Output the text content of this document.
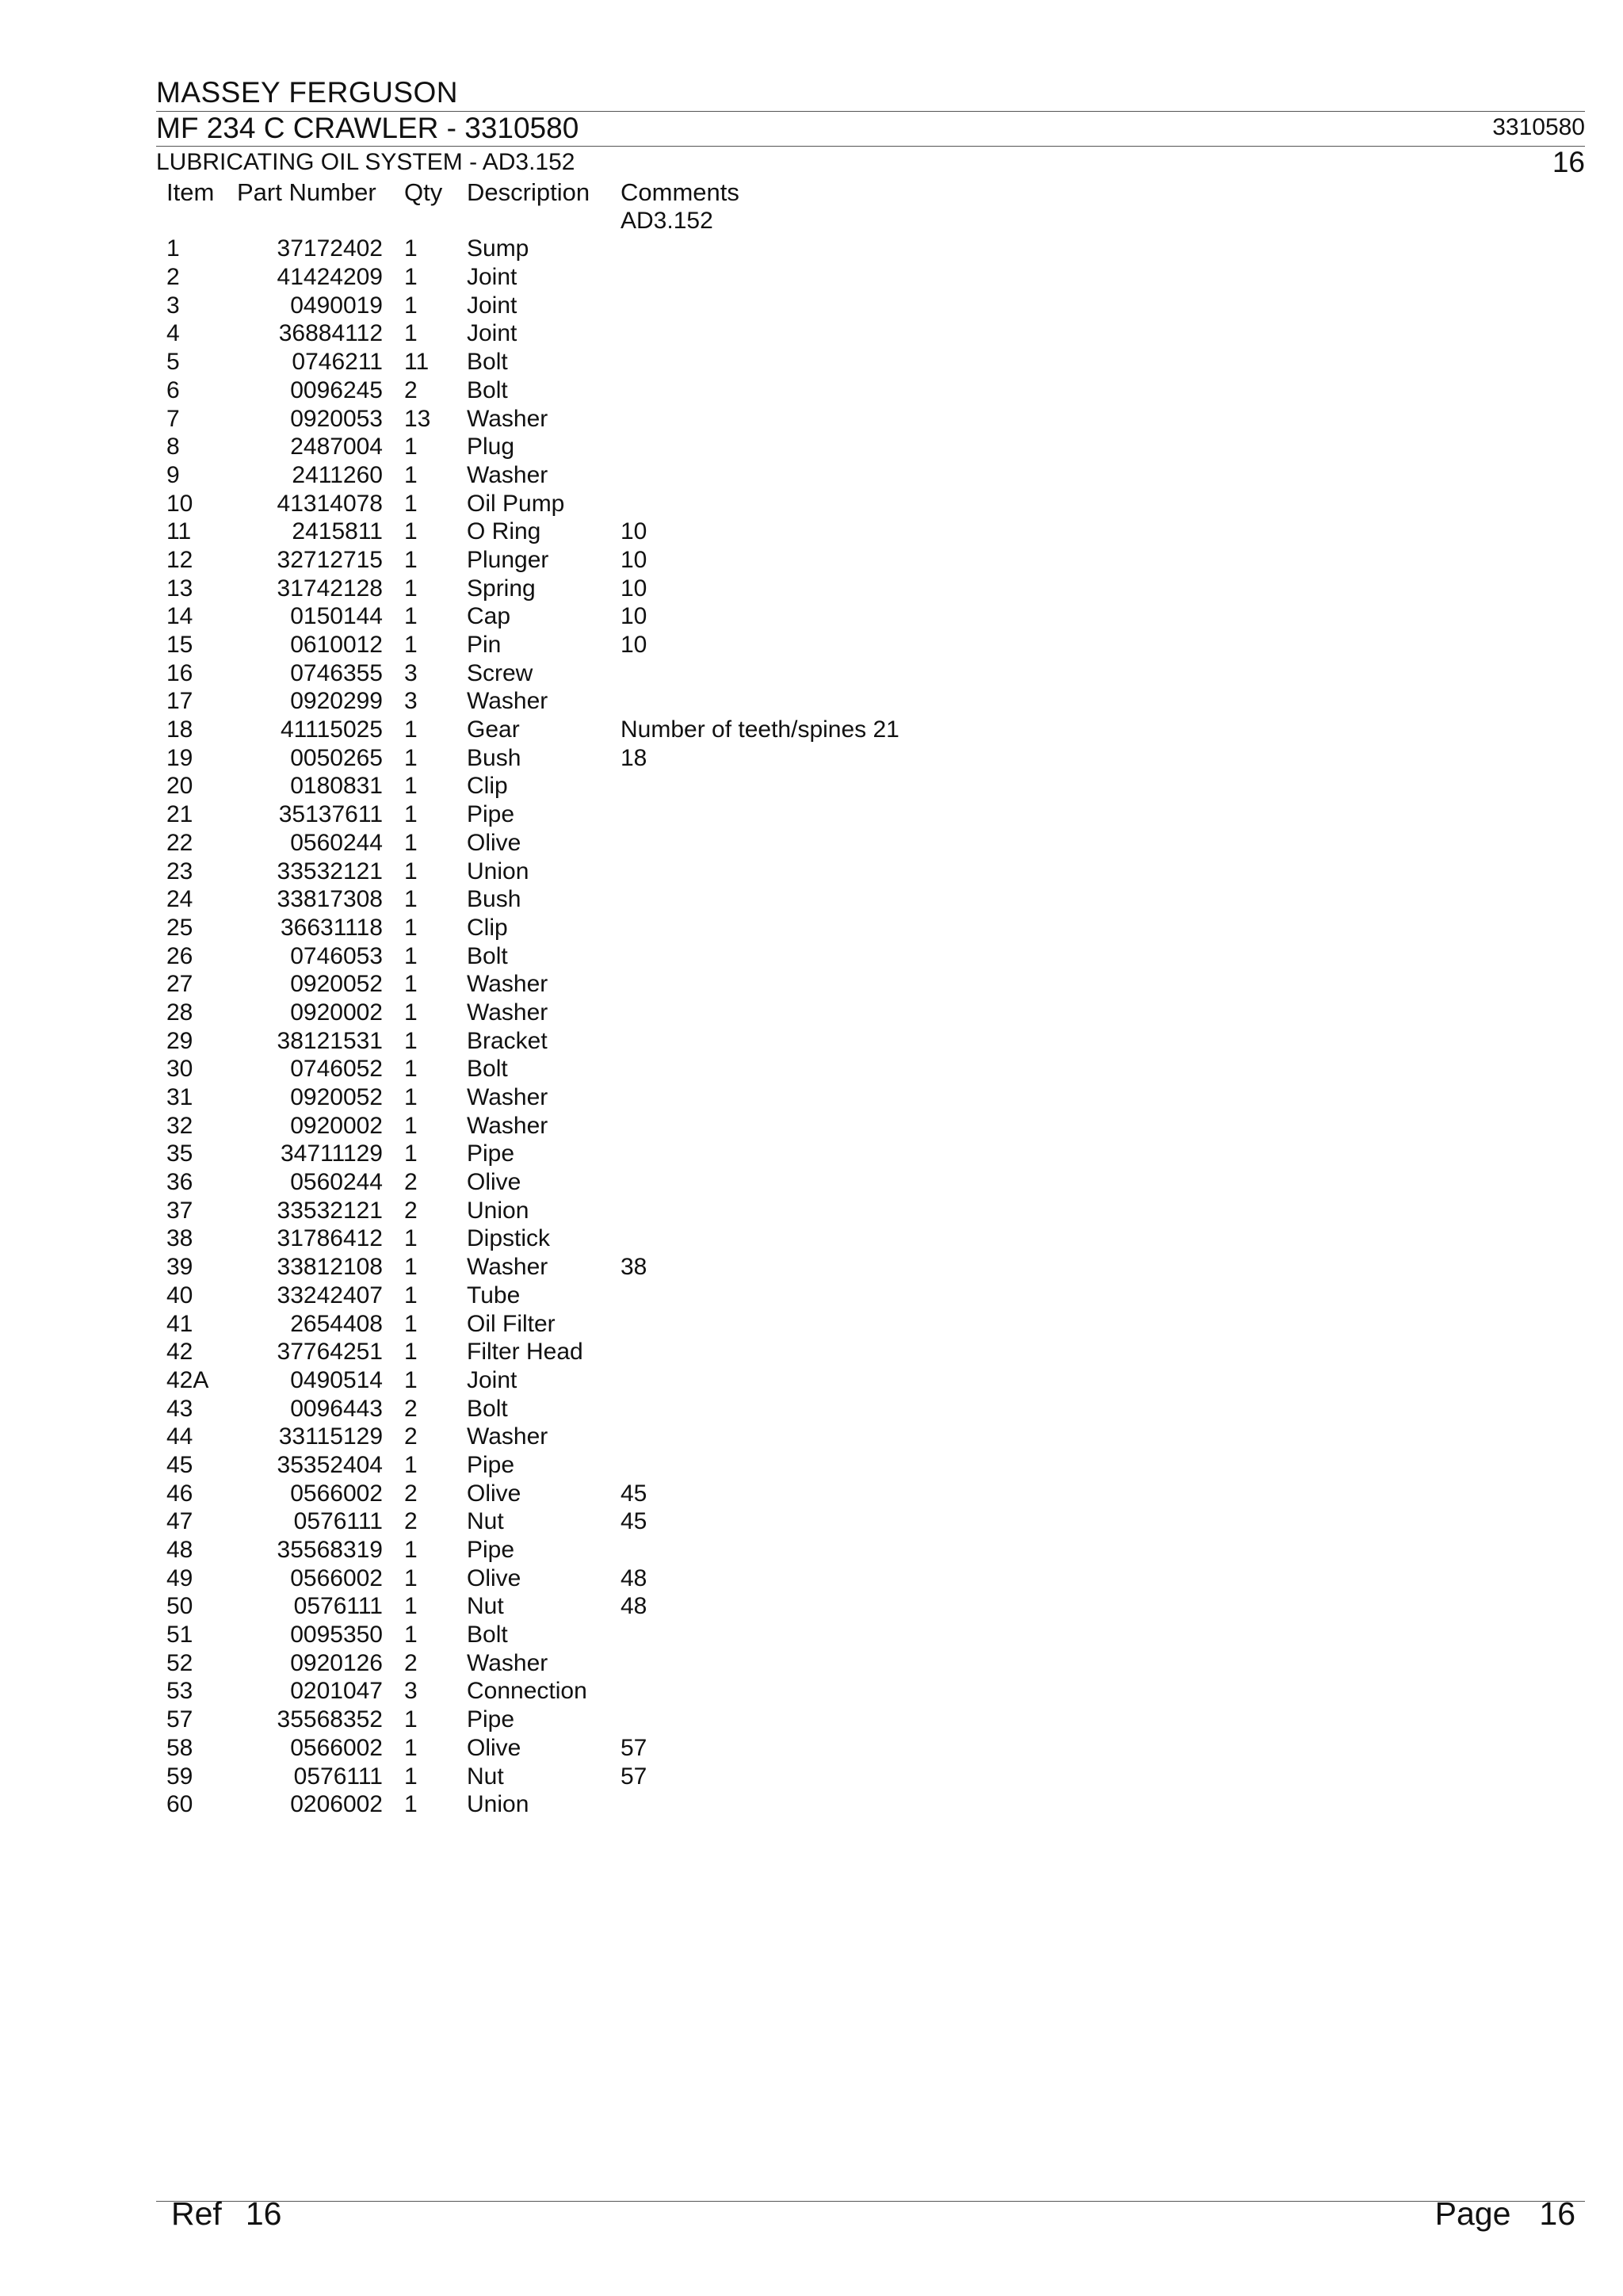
MASSEY FERGUSON
MF 234 C CRAWLER - 3310580	3310580
LUBRICATING OIL SYSTEM - AD3.152	16
Item Part Number Qty Description Comments
AD3.152
1	37172402 1 Sump
2	41424209 1 Joint
3	0490019 1 Joint
4	36884112 1 Joint
5	0746211 11 Bolt
6	0096245 2 Bolt
7	0920053 13 Washer
8	2487004 1 Plug
9	2411260 1 Washer
10	41314078 1 Oil Pump
11	2415811 1 O Ring	10
12	32712715 1 Plunger	10
13	31742128 1 Spring	10
14	0150144 1 Cap	10
15	0610012 1 Pin	10
16	0746355 3 Screw
17	0920299 3 Washer
18	41115025 1 Gear	Number of teeth/spines 21
19	0050265 1 Bush	18
20	0180831 1 Clip
21	35137611 1 Pipe
22	0560244 1 Olive
23	33532121 1 Union
24	33817308 1 Bush
25	36631118 1 Clip
26	0746053 1 Bolt
27	0920052 1 Washer
28	0920002 1 Washer
29	38121531 1 Bracket
30	0746052 1 Bolt
31	0920052 1 Washer
32	0920002 1 Washer
35	34711129 1 Pipe
36	0560244 2 Olive
37	33532121 2 Union
38	31786412 1 Dipstick
39	33812108 1 Washer	38
40	33242407 1 Tube
41	2654408 1 Oil Filter
42	37764251 1 Filter Head
42A	0490514 1 Joint
43	0096443 2 Bolt
44	33115129 2 Washer
45	35352404 1 Pipe
46	0566002 2 Olive	45
47	0576111 2 Nut	45
48	35568319 1 Pipe
49	0566002 1 Olive	48
50	0576111 1 Nut	48
51	0095350 1 Bolt
52	0920126 2 Washer
53	0201047 3 Connection
57	35568352 1 Pipe
58	0566002 1 Olive	57
59	0576111 1 Nut	57
60	0206002 1 Union
Ref 16	Page 16
